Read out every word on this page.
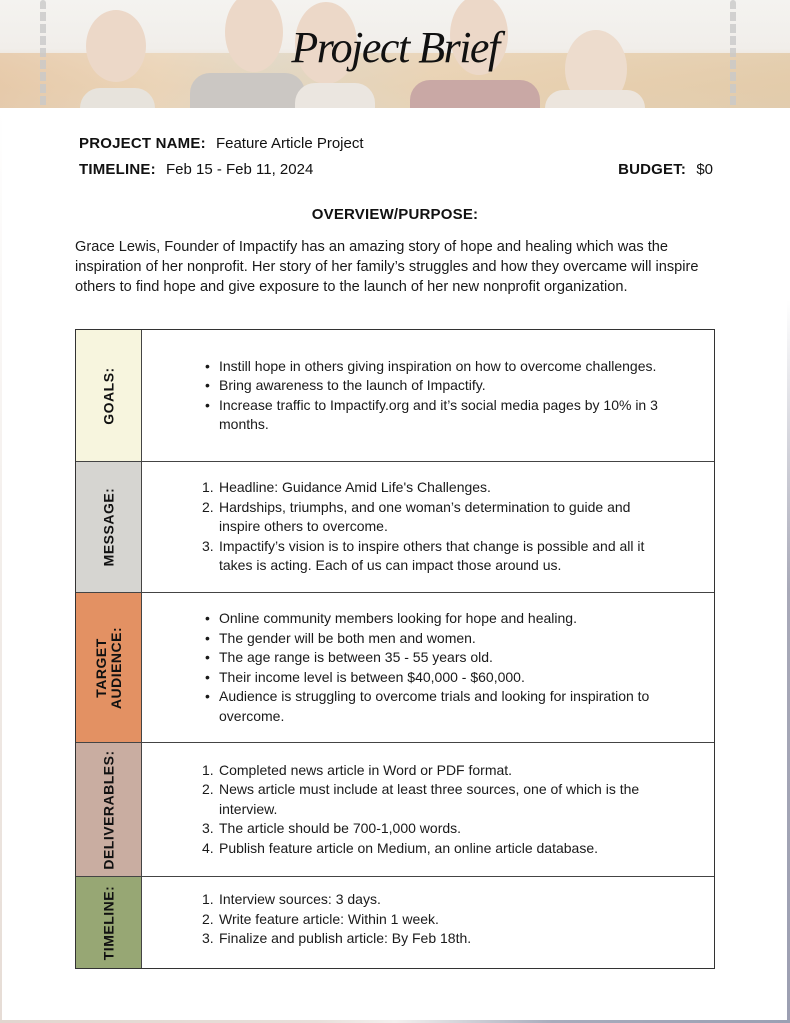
Project Brief
PROJECT NAME: Feature Article Project
TIMELINE: Feb 15 - Feb 11, 2024	BUDGET: $0
OVERVIEW/PURPOSE:
Grace Lewis, Founder of Impactify has an amazing story of hope and healing which was the inspiration of her nonprofit. Her story of her family’s struggles and how they overcame will inspire others to find hope and give exposure to the launch of her new nonprofit organization.
GOALS:
• Instill hope in others giving inspiration on how to overcome challenges.
• Bring awareness to the launch of Impactify.
• Increase traffic to Impactify.org and it’s social media pages by 10% in 3 months.
MESSAGE:
1. Headline: Guidance Amid Life's Challenges.
2. Hardships, triumphs, and one woman’s determination to guide and inspire others to overcome.
3. Impactify’s vision is to inspire others that change is possible and all it takes is acting. Each of us can impact those around us.
TARGET AUDIENCE:
• Online community members looking for hope and healing.
• The gender will be both men and women.
• The age range is between 35 - 55 years old.
• Their income level is between $40,000 - $60,000.
• Audience is struggling to overcome trials and looking for inspiration to overcome.
DELIVERABLES:	1. Completed news article in Word or PDF format.
2. News article must include at least three sources, one of which is the interview.
3. The article should be 700-1,000 words.
4. Publish feature article on Medium, an online article database.
TIMELINE:	1. Interview sources: 3 days.
2. Write feature article: Within 1 week.
3. Finalize and publish article: By Feb 18th.
